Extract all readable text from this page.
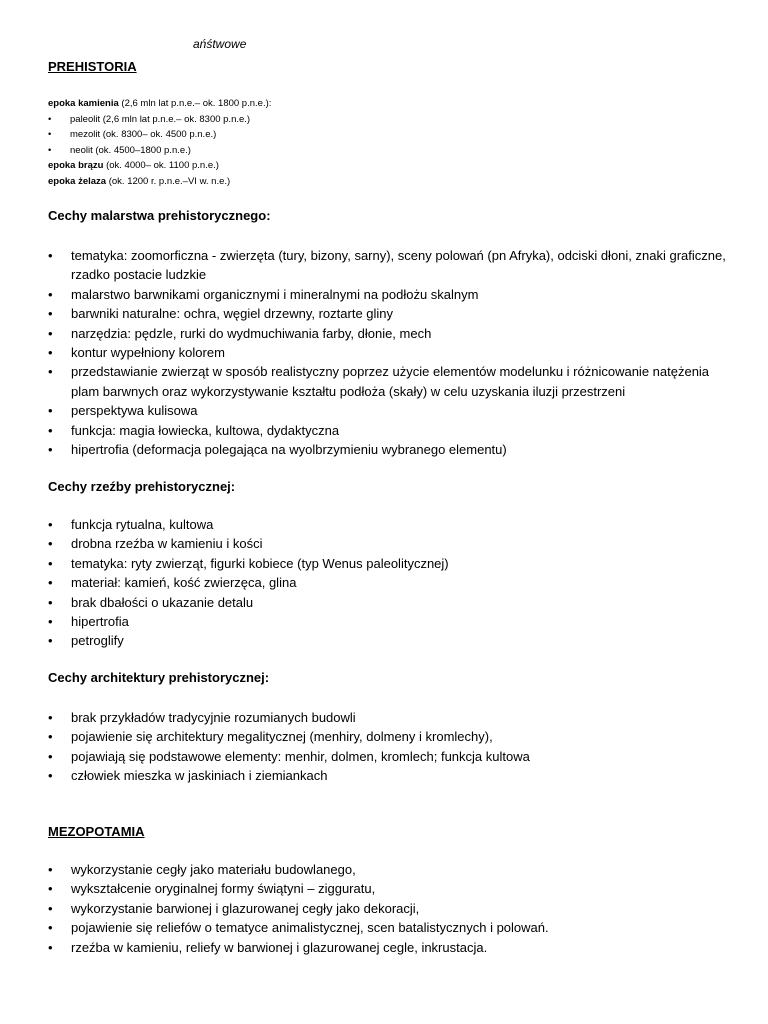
ańśtwowe
PREHISTORIA
epoka kamienia (2,6 mln lat p.n.e.– ok. 1800 p.n.e.):
• paleolit (2,6 mln lat p.n.e.– ok. 8300 p.n.e.)
• mezolit (ok. 8300– ok. 4500 p.n.e.)
• neolit (ok. 4500–1800 p.n.e.)
epoka brązu (ok. 4000– ok. 1100 p.n.e.)
epoka żelaza (ok. 1200 r. p.n.e.–VI w. n.e.)
Cechy malarstwa prehistorycznego:
• tematyka: zoomorficzna - zwierzęta (tury, bizony, sarny), sceny polowań (pn Afryka), odciski dłoni, znaki graficzne, rzadko postacie ludzkie
• malarstwo barwnikami organicznymi i mineralnymi na podłożu skalnym
• barwniki naturalne: ochra, węgiel drzewny, roztarte gliny
• narzędzia: pędzle, rurki do wydmuchiwania farby, dłonie, mech
• kontur wypełniony kolorem
• przedstawianie zwierząt w sposób realistyczny poprzez użycie elementów modelunku i różnicowanie natężenia plam barwnych oraz wykorzystywanie kształtu podłoża (skały) w celu uzyskania iluzji przestrzeni
• perspektywa kulisowa
• funkcja: magia łowiecka, kultowa, dydaktyczna
• hipertrofia (deformacja polegająca na wyolbrzymieniu wybranego elementu)
Cechy rzeźby prehistorycznej:
• funkcja rytualna, kultowa
• drobna rzeźba w kamieniu i kości
• tematyka: ryty zwierząt, figurki kobiece (typ Wenus paleolitycznej)
• materiał: kamień, kość zwierzęca, glina
• brak dbałości o ukazanie detalu
• hipertrofia
• petroglify
Cechy architektury prehistorycznej:
• brak przykładów tradycyjnie rozumianych budowli
• pojawienie się architektury megalitycznej (menhiry, dolmeny i kromlechy),
• pojawiają się podstawowe elementy: menhir, dolmen, kromlech; funkcja kultowa
• człowiek mieszka w jaskiniach i ziemiankach
MEZOPOTAMIA
• wykorzystanie cegły jako materiału budowlanego,
• wykształcenie oryginalnej formy świątyni – zigguratu,
• wykorzystanie barwionej i glazurowanej cegły jako dekoracji,
• pojawienie się reliefów o tematyce animalistycznej, scen batalistycznych i polowań.
• rzeźba w kamieniu, reliefy w barwionej i glazurowanej cegle, inkrustacja.
